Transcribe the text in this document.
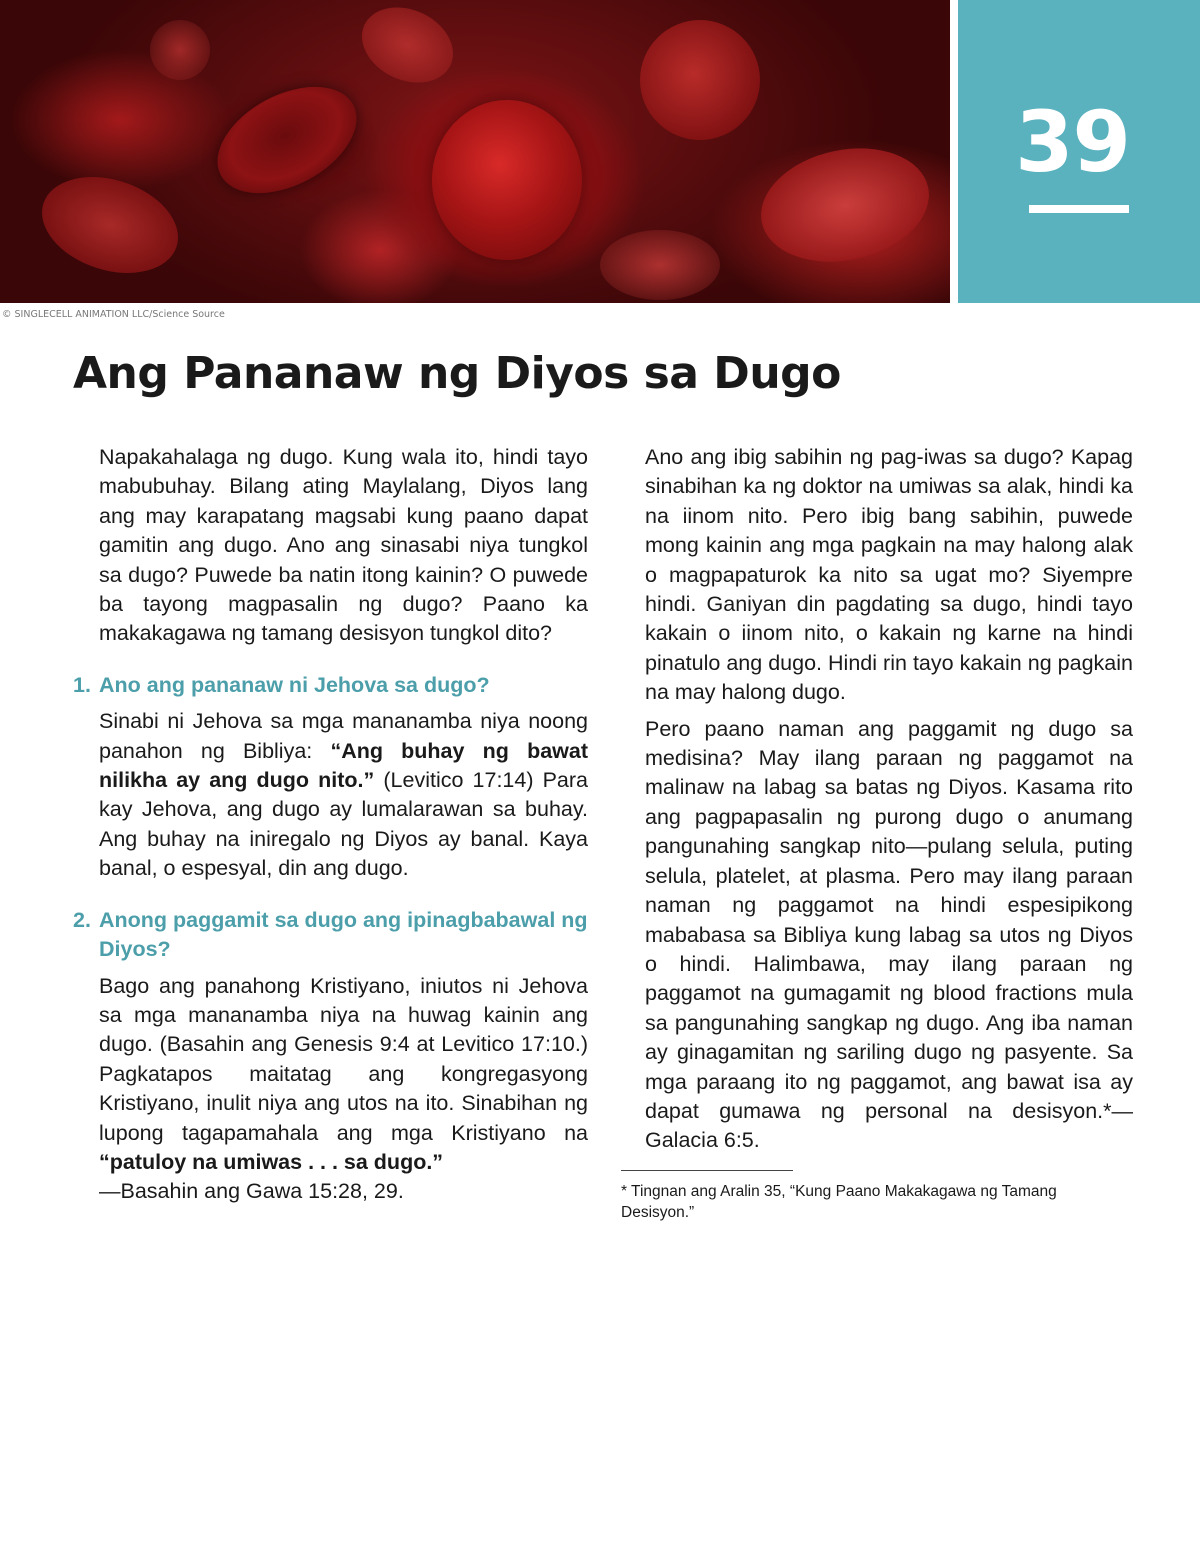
39
© SINGLECELL ANIMATION LLC/Science Source
Ang Pananaw ng Diyos sa Dugo

Napakahalaga ng dugo. Kung wala ito, hindi tayo mabubuhay. Bilang ating Maylalang, Diyos lang ang may karapatang magsabi kung paano dapat gamitin ang dugo. Ano ang sinasabi niya tungkol sa dugo? Puwede ba natin itong kainin? O puwede ba tayong magpasalin ng dugo? Paano ka makakagawa ng tamang desisyon tungkol dito?

1. Ano ang pananaw ni Jehova sa dugo?

Sinabi ni Jehova sa mga mananamba niya noong panahon ng Bibliya: “Ang buhay ng bawat nilikha ay ang dugo nito.” (Levitico 17:14) Para kay Jehova, ang dugo ay lumalarawan sa buhay. Ang buhay na iniregalo ng Diyos ay banal. Kaya banal, o espesyal, din ang dugo.

2. Anong paggamit sa dugo ang ipinagbabawal ng Diyos?

Bago ang panahong Kristiyano, iniutos ni Jehova sa mga mananamba niya na huwag kainin ang dugo. (Basahin ang Genesis 9:4 at Levitico 17:10.) Pagkatapos maitatag ang kongregasyong Kristiyano, inulit niya ang utos na ito. Sinabihan ng lupong tagapamahala ang mga Kristiyano na “patuloy na umiwas . . . sa dugo.”
—Basahin ang Gawa 15:28, 29.

Ano ang ibig sabihin ng pag-iwas sa dugo? Kapag sinabihan ka ng doktor na umiwas sa alak, hindi ka na iinom nito. Pero ibig bang sabihin, puwede mong kainin ang mga pagkain na may halong alak o magpapaturok ka nito sa ugat mo? Siyempre hindi. Ganiyan din pagdating sa dugo, hindi tayo kakain o iinom nito, o kakain ng karne na hindi pinatulo ang dugo. Hindi rin tayo kakain ng pagkain na may halong dugo.

Pero paano naman ang paggamit ng dugo sa medisina? May ilang paraan ng paggamot na malinaw na labag sa batas ng Diyos. Kasama rito ang pagpapasalin ng purong dugo o anumang pangunahing sangkap nito—pulang selula, puting selula, platelet, at plasma. Pero may ilang paraan naman ng paggamot na hindi espesipikong mababasa sa Bibliya kung labag sa utos ng Diyos o hindi. Halimbawa, may ilang paraan ng paggamot na gumagamit ng blood fractions mula sa pangunahing sangkap ng dugo. Ang iba naman ay ginagamitan ng sariling dugo ng pasyente. Sa mga paraang ito ng paggamot, ang bawat isa ay dapat gumawa ng personal na desisyon.*—Galacia 6:5.

* Tingnan ang Aralin 35, “Kung Paano Makakagawa ng Tamang Desisyon.”
